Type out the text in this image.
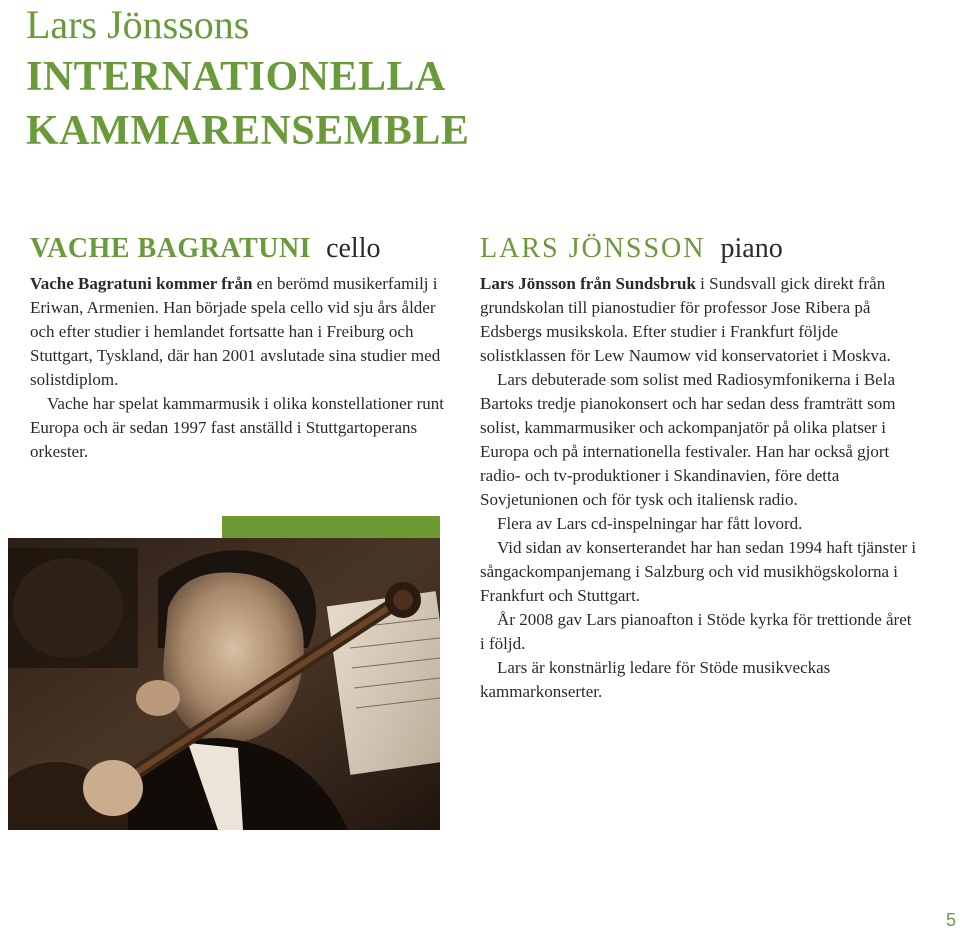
Lars Jönssons
INTERNATIONELLA
KAMMARENSEMBLE
VACHE BAGRATUNI cello

Vache Bagratuni kommer från en berömd musikerfamilj i Eriwan, Armenien. Han började spela cello vid sju års ålder och efter studier i hemlandet fortsatte han i Freiburg och Stuttgart, Tyskland, där han 2001 avslutade sina studier med solistdiplom.

Vache har spelat kammarmusik i olika konstellationer runt Europa och är sedan 1997 fast anställd i Stuttgartoperans orkester.

LARS JÖNSSON piano

Lars Jönsson från Sundsbruk i Sundsvall gick direkt från grundskolan till pianostudier för professor Jose Ribera på Edsbergs musikskola. Efter studier i Frankfurt följde solistklassen för Lew Naumow vid konservatoriet i Moskva.

Lars debuterade som solist med Radiosymfonikerna i Bela Bartoks tredje pianokonsert och har sedan dess framträtt som solist, kammarmusiker och ackompanjatör på olika platser i Europa och på internationella festivaler. Han har också gjort radio- och tv-produktioner i Skandinavien, före detta Sovjetunionen och för tysk och italiensk radio.

Flera av Lars cd-inspelningar har fått lovord.

Vid sidan av konserterandet har han sedan 1994 haft tjänster i sångackompanjemang i Salzburg och vid musikhögskolorna i Frankfurt och Stuttgart.

År 2008 gav Lars pianoafton i Stöde kyrka för trettionde året i följd.

Lars är konstnärlig ledare för Stöde musikveckas kammarkonserter.

5
